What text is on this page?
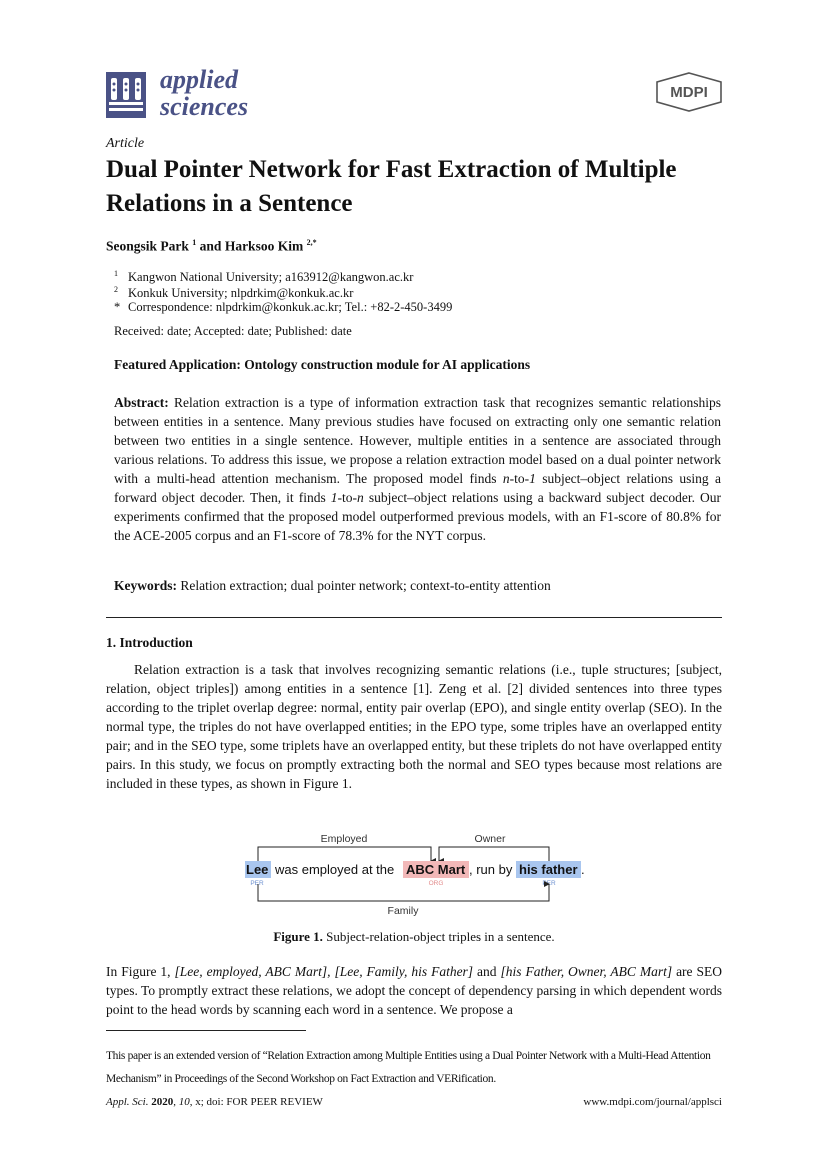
applied
sciences	MDPI
Article
Dual Pointer Network for Fast Extraction of Multiple Relations in a Sentence
Seongsik Park $^1$ and Harksoo Kim $^{2,*}$
$^1$ Kangwon National University; a163912@kangwon.ac.kr
$^2$ Konkuk University; nlpdrkim@konkuk.ac.kr
* Correspondence: nlpdrkim@konkuk.ac.kr; Tel.: +82-2-450-3499
Received: date; Accepted: date; Published: date
Featured Application: Ontology construction module for AI applications
Abstract: Relation extraction is a type of information extraction task that recognizes semantic relationships between entities in a sentence. Many previous studies have focused on extracting only one semantic relation between two entities in a single sentence. However, multiple entities in a sentence are associated through various relations. To address this issue, we propose a relation extraction model based on a dual pointer network with a multi-head attention mechanism. The proposed model finds n-to-1 subject–object relations using a forward object decoder. Then, it finds 1-to-n subject–object relations using a backward subject decoder. Our experiments confirmed that the proposed model outperformed previous models, with an F1-score of 80.8% for the ACE-2005 corpus and an F1-score of 78.3% for the NYT corpus.
Keywords: Relation extraction; dual pointer network; context-to-entity attention
1. Introduction
Relation extraction is a task that involves recognizing semantic relations (i.e., tuple structures; [subject, relation, object triples]) among entities in a sentence [1]. Zeng et al. [2] divided sentences into three types according to the triplet overlap degree: normal, entity pair overlap (EPO), and single entity overlap (SEO). In the normal type, the triples do not have overlapped entities; in the EPO type, some triples have an overlapped entity pair; and in the SEO type, some triplets have an overlapped entity, but these triplets do not have overlapped entity pairs. In this study, we focus on promptly extracting both the normal and SEO types because most relations are included in these types, as shown in Figure 1.
Employed	Owner
Lee was employed at the ABC Mart , run by his father .
PER	ORG	PER
Family
Figure 1. Subject-relation-object triples in a sentence.
In Figure 1, [Lee, employed, ABC Mart], [Lee, Family, his Father] and [his Father, Owner, ABC Mart] are SEO types. To promptly extract these relations, we adopt the concept of dependency parsing in which dependent words point to the head words by scanning each word in a sentence. We propose a
This paper is an extended version of “Relation Extraction among Multiple Entities using a Dual Pointer Network with a Multi-Head Attention Mechanism” in Proceedings of the Second Workshop on Fact Extraction and VERification.
Appl. Sci. 2020, 10, x; doi: FOR PEER REVIEW	www.mdpi.com/journal/applsci
